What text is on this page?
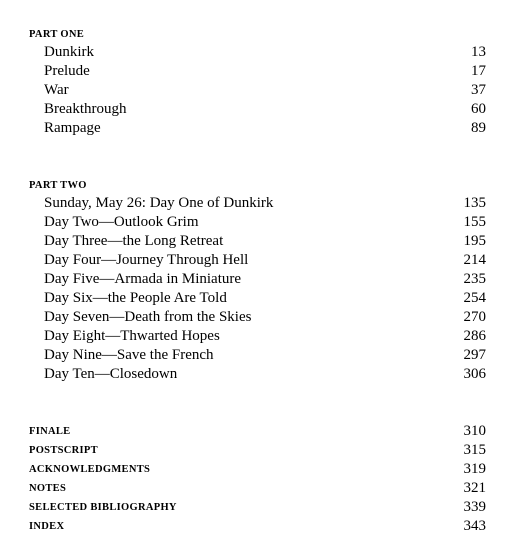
PART ONE
Dunkirk	13
Prelude	17
War	37
Breakthrough	60
Rampage	89
PART TWO
Sunday, May 26: Day One of Dunkirk	135
Day Two—Outlook Grim	155
Day Three—the Long Retreat	195
Day Four—Journey Through Hell	214
Day Five—Armada in Miniature	235
Day Six—the People Are Told	254
Day Seven—Death from the Skies	270
Day Eight—Thwarted Hopes	286
Day Nine—Save the French	297
Day Ten—Closedown	306
FINALE	310
POSTSCRIPT	315
ACKNOWLEDGMENTS	319
NOTES	321
SELECTED BIBLIOGRAPHY	339
INDEX	343
